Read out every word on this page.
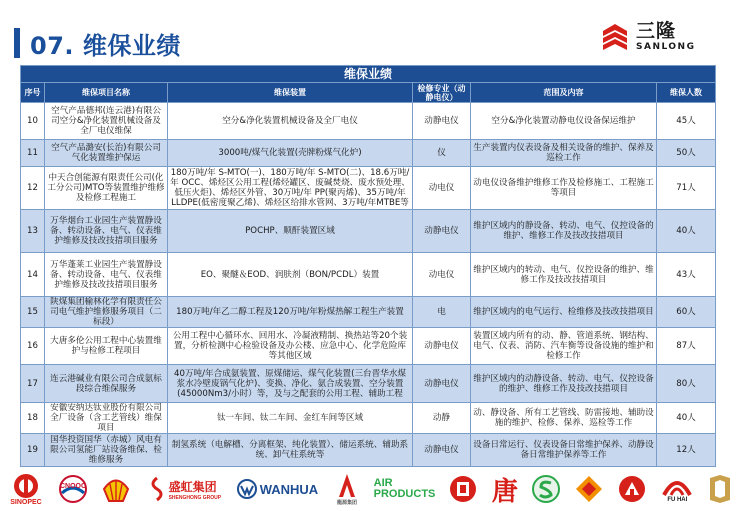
07. 维保业绩
三隆
SANLONG
维保业绩					
序号	维保项目名称	维保装置	检修专业（动静电仪）	范围及内容	维保人数
10	空气产品德邦(连云港)有限公司空分&净化装置机械设备及全厂电仪维保	空分&净化装置机械设备及全厂电仪	动静电仪	空分&净化装置动静电仪设备保运维护	45人
11	空气产品潞安(长治)有限公司气化装置维护保运	3000吨/煤气化装置(壳牌粉煤气化炉)	仪	生产装置内仪表设备及相关设备的维护、保养及巡检工作	50人
12	中天合创能源有限责任公司(化工分公司)MTO等装置维护维修及检修工程施工	180万吨/年 S-MTO(一)、180万吨/年 S-MTO(二)、18.6万吨/年 OCC、烯烃区公用工程(烯烃罐区、废碱焚烧、废水预处理、低压火炬)、烯烃区外管、30万吨/年 PP(聚丙烯)、35万吨/年LLDPE(低密度聚乙烯)、烯烃区给排水管网、3万吨/年MTBE等	动电仪	动电仪设备维护维修工作及检修施工、工程施工等项目	71人
13	万华烟台工业园生产装置静设备、转动设备、电气、仪表维护维修及技改技措项目服务	POCHP、顺酐装置区域	动静电仪	维护区域内的静设备、转动、电气、仪控设备的维护、维修工作及技改技措项目	40人
14	万华蓬莱工业园生产装置静设备、转动设备、电气、仪表维护维修及技改技措项目服务	EO、聚醚＆EOD、润肤剂（BON/PCDL）装置	动电仪	维护区域内的转动、电气、仪控设备的维护、维修工作及技改技措项目	43人
15	陕煤集团榆林化学有限责任公司电气维护维修服务项目（二标段）	180万吨/年乙二醇工程及120万吨/年粉煤热解工程生产装置	电	维护区域内的电气运行、检维修及技改技措项目	60人
16	大唐多伦公用工程中心装置维护与检修工程项目	公用工程中心循环水、回用水、冷凝液精制、换热站等20个装置，分析检测中心检验设备及办公楼、应急中心、化学危险库等其他区域	动静电仪	装置区域内所有的动、静、管道系统、钢结构、电气、仪表、消防、汽车衡等设备设施的维护和检修工作	87人
17	连云港碱业有限公司合成氨标段综合维保服务	40万吨/年合成氨装置、原煤储运、煤气化装置(三台晋华水煤浆水冷壁废锅气化炉)、变换、净化、氨合成装置、空分装置(45000Nm3/小时）等，及与之配套的公用工程、辅助工程	动静电仪	维护区域内的动静设备、转动、电气、仪控设备的维护、维修工作及技改技措项目	80人
18	安徽安纳达钛业股份有限公司全厂设备（含工艺管线）维保项目	钛一车间、钛二车间、金红车间等区域	动静	动、静设备、所有工艺管线、防雷接地、辅助设施的维护、检修、保养、巡检等工作	40人
19	国华投资国华（赤城）风电有限公司氢能厂站设备维保、检维修服务	制氢系统（电解槽、分离框架、纯化装置）、储运系统、辅助系统、卸气柱系统等	动静电仪	设备日常运行、仪表设备日常维护保养、动静设备日常维护保养等工作	12人
SINOPEC
CNOOC	盛虹集团
SHENGHONG GROUP
WANHUA
龍源集团
AIR PRODUCTS 唐	FU HAI
